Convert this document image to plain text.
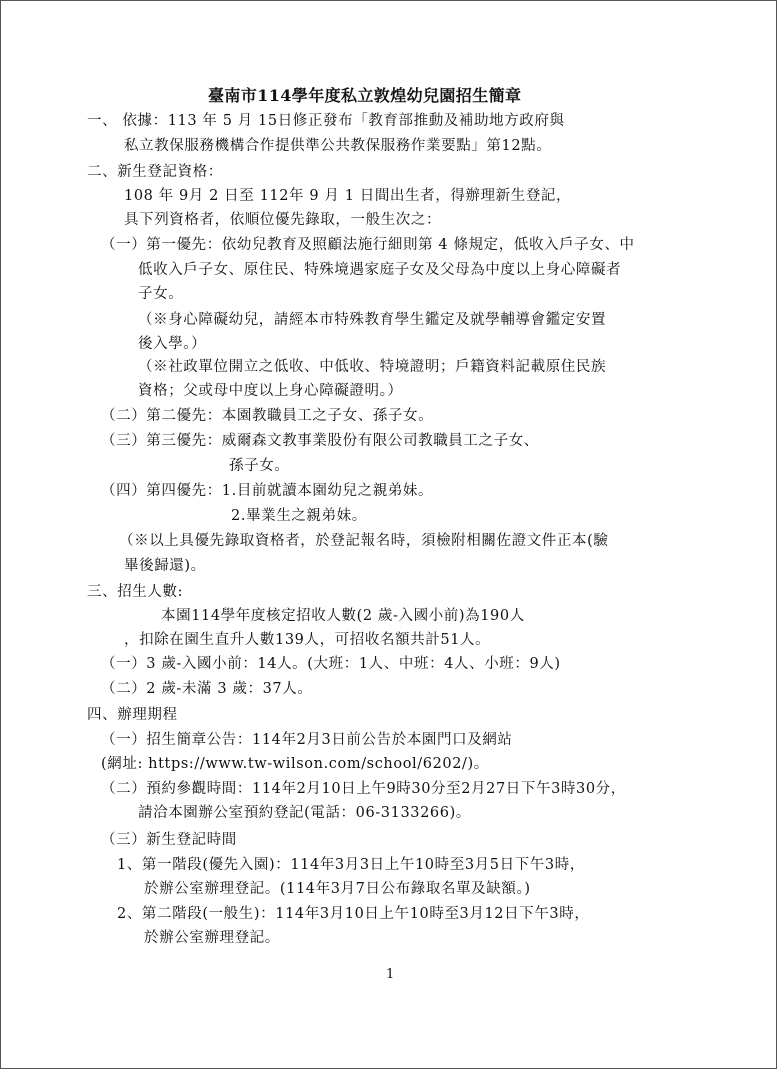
臺南市114學年度私立敦煌幼兒園招生簡章
一、 依據：113 年 5 月 15日修正發布「教育部推動及補助地方政府與
私立教保服務機構合作提供準公共教保服務作業要點」第12點。
二、新生登記資格：
108 年 9月 2 日至 112年 9 月 1 日間出生者，得辦理新生登記，
具下列資格者，依順位優先錄取，一般生次之：
（一）第一優先：依幼兒教育及照顧法施行細則第 4 條規定，低收入戶子女、中
低收入戶子女、原住民、特殊境遇家庭子女及父母為中度以上身心障礙者
子女。
（※身心障礙幼兒，請經本市特殊教育學生鑑定及就學輔導會鑑定安置
後入學。）
（※社政單位開立之低收、中低收、特境證明；戶籍資料記載原住民族
資格；父或母中度以上身心障礙證明。）
（二）第二優先：本園教職員工之子女、孫子女。
（三）第三優先：威爾森文教事業股份有限公司教職員工之子女、
孫子女。
（四）第四優先：1.目前就讀本園幼兒之親弟妹。
2.畢業生之親弟妹。
（※以上具優先錄取資格者，於登記報名時，須檢附相關佐證文件正本(驗
畢後歸還)。
三、招生人數:
本園114學年度核定招收人數(2 歲-入國小前)為190人
，扣除在園生直升人數139人，可招收名額共計51人。
（一）3 歲-入國小前：14人。(大班：1人、中班：4人、小班：9人)
（二）2 歲-未滿 3 歲：37人。
四、辦理期程
（一）招生簡章公告：114年2月3日前公告於本園門口及網站
(網址: https://www.tw-wilson.com/school/6202/)。
（二）預約參觀時間：114年2月10日上午9時30分至2月27日下午3時30分，
請洽本園辦公室預約登記(電話：06-3133266)。
（三）新生登記時間
1、第一階段(優先入園)：114年3月3日上午10時至3月5日下午3時，
於辦公室辦理登記。(114年3月7日公布錄取名單及缺額。)
2、第二階段(一般生)：114年3月10日上午10時至3月12日下午3時，
於辦公室辦理登記。
1
